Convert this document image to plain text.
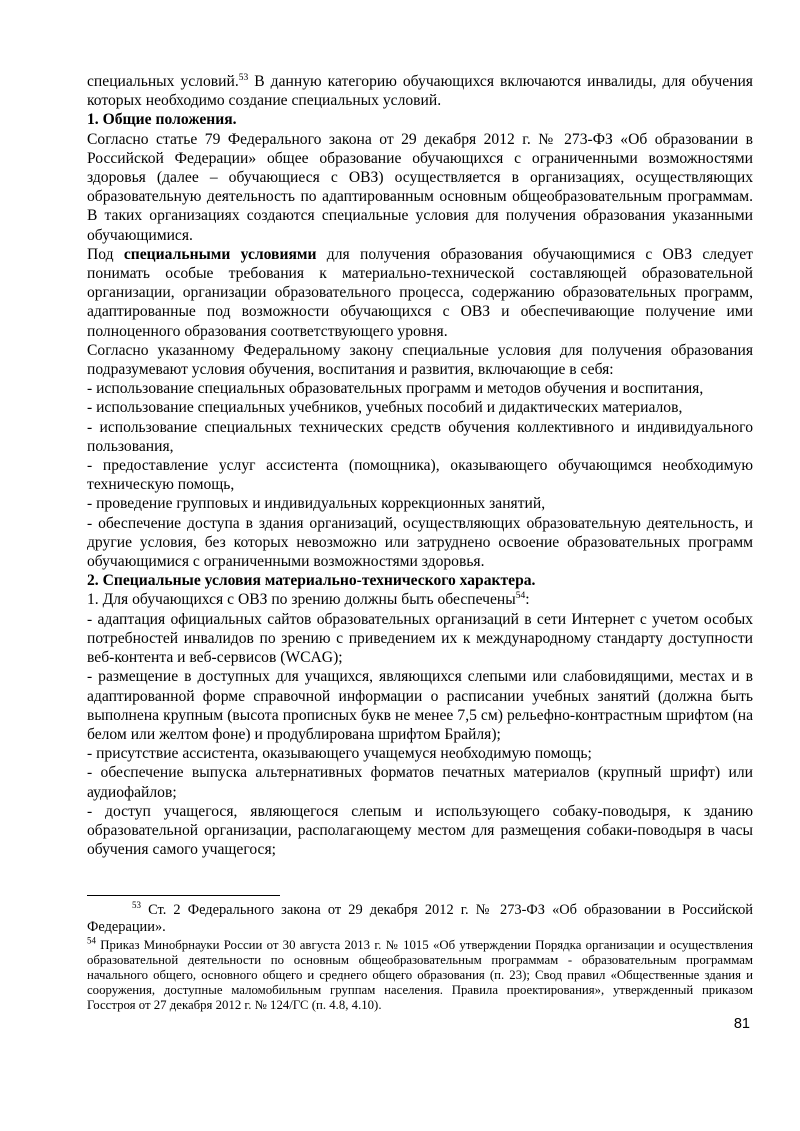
специальных условий.$^{53}$ В данную категорию обучающихся включаются инвалиды, для обучения которых необходимо создание специальных условий.

1. Общие положения.

Согласно статье 79 Федерального закона от 29 декабря 2012 г. № 273-ФЗ «Об образовании в Российской Федерации» общее образование обучающихся с ограниченными возможностями здоровья (далее – обучающиеся с ОВЗ) осуществляется в организациях, осуществляющих образовательную деятельность по адаптированным основным общеобразовательным программам. В таких организациях создаются специальные условия для получения образования указанными обучающимися.

Под специальными условиями для получения образования обучающимися с ОВЗ следует понимать особые требования к материально-технической составляющей образовательной организации, организации образовательного процесса, содержанию образовательных программ, адаптированные под возможности обучающихся с ОВЗ и обеспечивающие получение ими полноценного образования соответствующего уровня.

Согласно указанному Федеральному закону специальные условия для получения образования подразумевают условия обучения, воспитания и развития, включающие в себя:

- использование специальных образовательных программ и методов обучения и воспитания,

- использование специальных учебников, учебных пособий и дидактических материалов,

- использование специальных технических средств обучения коллективного и индивидуального пользования,

- предоставление услуг ассистента (помощника), оказывающего обучающимся необходимую техническую помощь,

- проведение групповых и индивидуальных коррекционных занятий,

- обеспечение доступа в здания организаций, осуществляющих образовательную деятельность, и другие условия, без которых невозможно или затруднено освоение образовательных программ обучающимися с ограниченными возможностями здоровья.

2. Специальные условия материально-технического характера.

1. Для обучающихся с ОВЗ по зрению должны быть обеспечены$^{54}$:

- адаптация официальных сайтов образовательных организаций в сети Интернет с учетом особых потребностей инвалидов по зрению с приведением их к международному стандарту доступности веб-контента и веб-сервисов (WCAG);

- размещение в доступных для учащихся, являющихся слепыми или слабовидящими, местах и в адаптированной форме справочной информации о расписании учебных занятий (должна быть выполнена крупным (высота прописных букв не менее 7,5 см) рельефно-контрастным шрифтом (на белом или желтом фоне) и продублирована шрифтом Брайля);

- присутствие ассистента, оказывающего учащемуся необходимую помощь;

- обеспечение выпуска альтернативных форматов печатных материалов (крупный шрифт) или аудиофайлов;

- доступ учащегося, являющегося слепым и использующего собаку-поводыря, к зданию образовательной организации, располагающему местом для размещения собаки-поводыря в часы обучения самого учащегося;

$^{53}$ Ст. 2 Федерального закона от 29 декабря 2012 г. № 273-ФЗ «Об образовании в Российской Федерации».

$^{54}$ Приказ Минобрнауки России от 30 августа 2013 г. № 1015 «Об утверждении Порядка организации и осуществления образовательной деятельности по основным общеобразовательным программам - образовательным программам начального общего, основного общего и среднего общего образования (п. 23); Свод правил «Общественные здания и сооружения, доступные маломобильным группам населения. Правила проектирования», утвержденный приказом Госстроя от 27 декабря 2012 г. № 124/ГС (п. 4.8, 4.10).

81
